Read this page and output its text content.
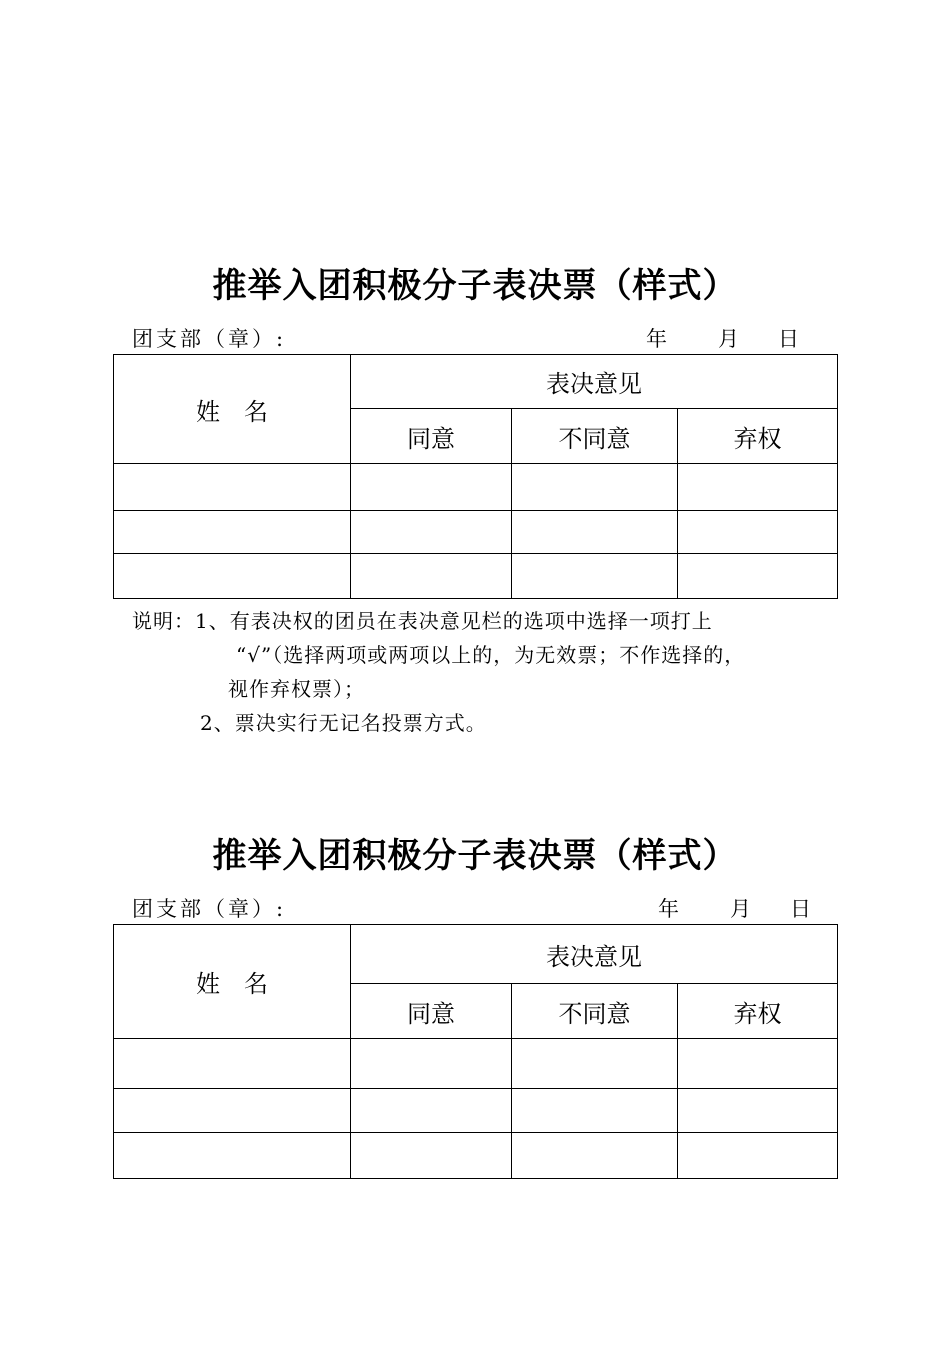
推举入团积极分子表决票（样式）
团支部（章）:	年 月 日
姓　名	表决意见		
	同意	不同意	弃权

说明：1、有表决权的团员在表决意见栏的选项中选择一项打上
“√”（选择两项或两项以上的，为无效票；不作选择的，
视作弃权票）；
2、票决实行无记名投票方式。
推举入团积极分子表决票（样式）
团支部（章）:	年 月 日
姓　名	表决意见		
	同意	不同意	弃权
